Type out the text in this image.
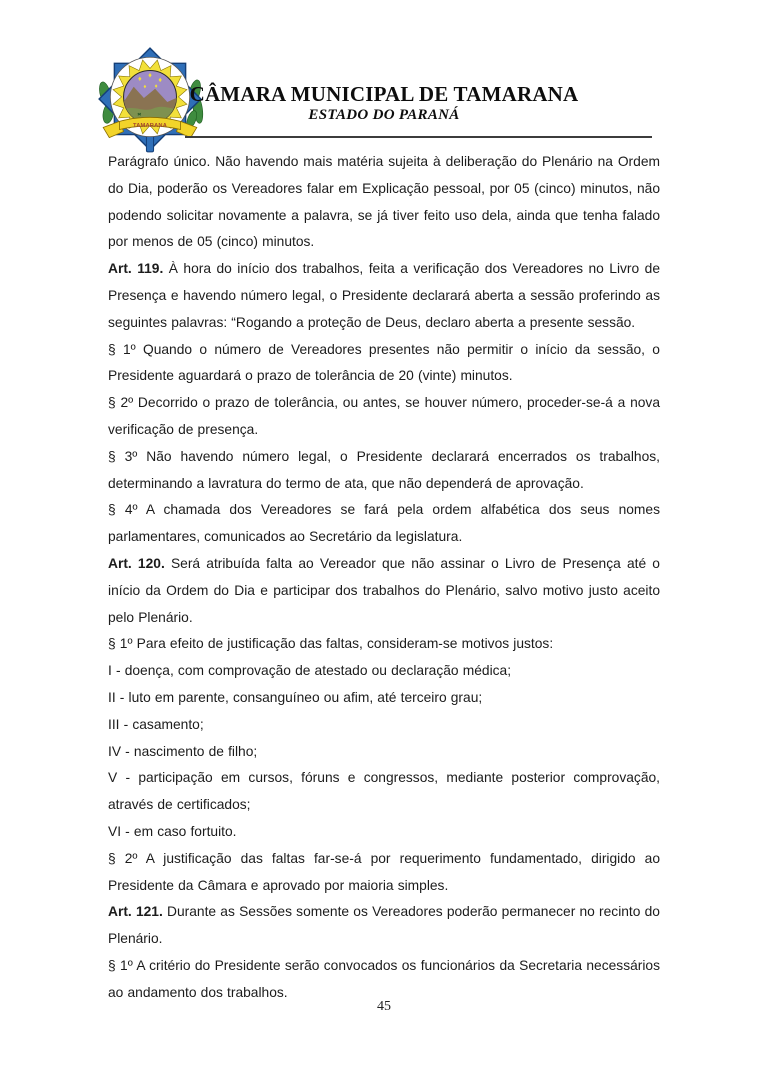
TAMARANA
CÂMARA MUNICIPAL DE TAMARANA
ESTADO DO PARANÁ

Parágrafo único. Não havendo mais matéria sujeita à deliberação do Plenário na Ordem do Dia, poderão os Vereadores falar em Explicação pessoal, por 05 (cinco) minutos, não podendo solicitar novamente a palavra, se já tiver feito uso dela, ainda que tenha falado por menos de 05 (cinco) minutos.

Art. 119. À hora do início dos trabalhos, feita a verificação dos Vereadores no Livro de Presença e havendo número legal, o Presidente declarará aberta a sessão proferindo as seguintes palavras: “Rogando a proteção de Deus, declaro aberta a presente sessão.

§ 1º Quando o número de Vereadores presentes não permitir o início da sessão, o Presidente aguardará o prazo de tolerância de 20 (vinte) minutos.

§ 2º Decorrido o prazo de tolerância, ou antes, se houver número, proceder-se-á a nova verificação de presença.

§ 3º Não havendo número legal, o Presidente declarará encerrados os trabalhos, determinando a lavratura do termo de ata, que não dependerá de aprovação.

§ 4º A chamada dos Vereadores se fará pela ordem alfabética dos seus nomes parlamentares, comunicados ao Secretário da legislatura.

Art. 120. Será atribuída falta ao Vereador que não assinar o Livro de Presença até o início da Ordem do Dia e participar dos trabalhos do Plenário, salvo motivo justo aceito pelo Plenário.

§ 1º Para efeito de justificação das faltas, consideram-se motivos justos:

I - doença, com comprovação de atestado ou declaração médica;

II - luto em parente, consanguíneo ou afim, até terceiro grau;

III - casamento;

IV - nascimento de filho;

V - participação em cursos, fóruns e congressos, mediante posterior comprovação, através de certificados;

VI - em caso fortuito.

§ 2º A justificação das faltas far-se-á por requerimento fundamentado, dirigido ao Presidente da Câmara e aprovado por maioria simples.

Art. 121. Durante as Sessões somente os Vereadores poderão permanecer no recinto do Plenário.

§ 1º A critério do Presidente serão convocados os funcionários da Secretaria necessários ao andamento dos trabalhos.

45
